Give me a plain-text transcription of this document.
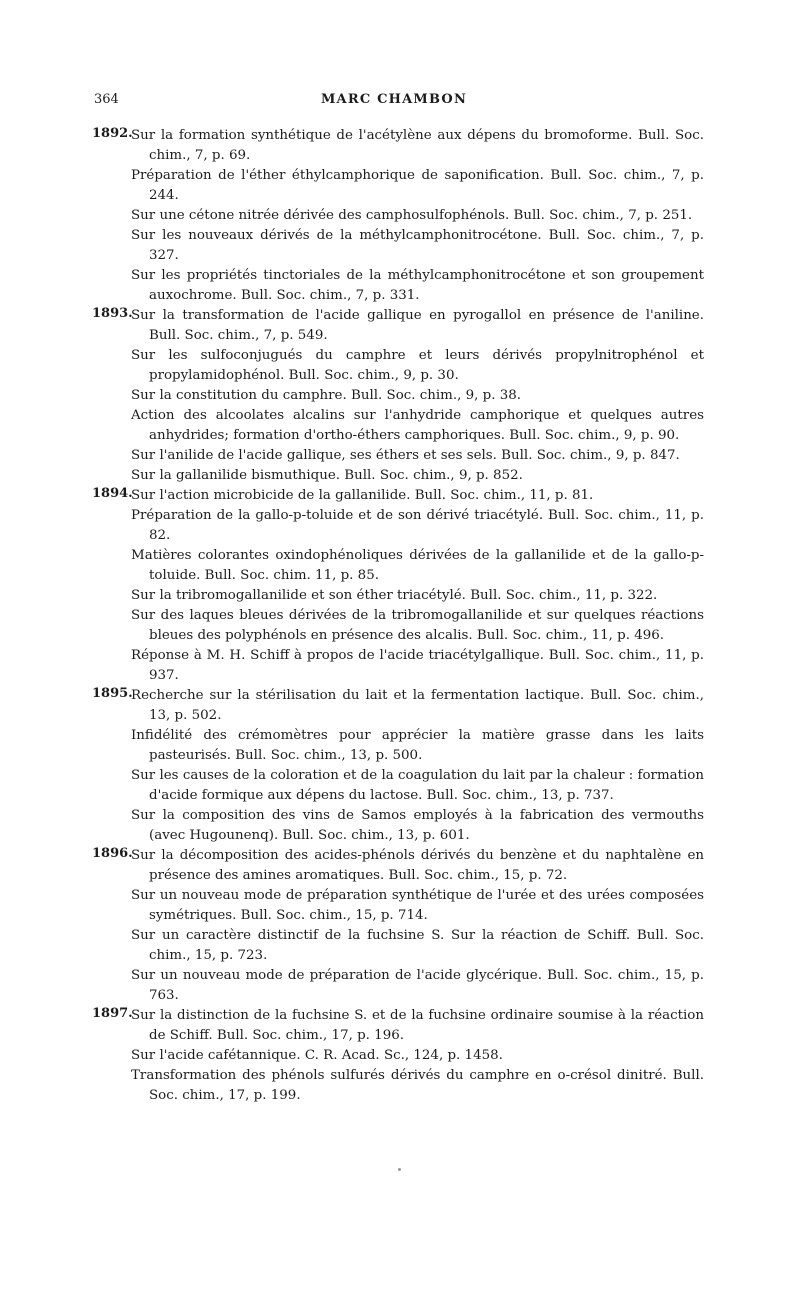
364	MARC CHAMBON
1892.
Sur la formation synthétique de l'acétylène aux dépens du bromoforme. Bull. Soc. chim., 7, p. 69.
Préparation de l'éther éthylcamphorique de saponification. Bull. Soc. chim., 7, p. 244.
Sur une cétone nitrée dérivée des camphosulfophénols. Bull. Soc. chim., 7, p. 251.
Sur les nouveaux dérivés de la méthylcamphonitrocétone. Bull. Soc. chim., 7, p. 327.
Sur les propriétés tinctoriales de la méthylcamphonitrocétone et son groupement auxochrome. Bull. Soc. chim., 7, p. 331.
1893.
Sur la transformation de l'acide gallique en pyrogallol en présence de l'aniline. Bull. Soc. chim., 7, p. 549.
Sur les sulfoconjugués du camphre et leurs dérivés propylnitrophénol et propylamidophénol. Bull. Soc. chim., 9, p. 30.
Sur la constitution du camphre. Bull. Soc. chim., 9, p. 38.
Action des alcoolates alcalins sur l'anhydride camphorique et quelques autres anhydrides; formation d'ortho-éthers camphoriques. Bull. Soc. chim., 9, p. 90.
Sur l'anilide de l'acide gallique, ses éthers et ses sels. Bull. Soc. chim., 9, p. 847.
Sur la gallanilide bismuthique. Bull. Soc. chim., 9, p. 852.
1894.
Sur l'action microbicide de la gallanilide. Bull. Soc. chim., 11, p. 81.
Préparation de la gallo-p-toluide et de son dérivé triacétylé. Bull. Soc. chim., 11, p. 82.
Matières colorantes oxindophénoliques dérivées de la gallanilide et de la gallo-p-toluide. Bull. Soc. chim. 11, p. 85.
Sur la tribromogallanilide et son éther triacétylé. Bull. Soc. chim., 11, p. 322.
Sur des laques bleues dérivées de la tribromogallanilide et sur quelques réactions bleues des polyphénols en présence des alcalis. Bull. Soc. chim., 11, p. 496.
Réponse à M. H. Schiff à propos de l'acide triacétylgallique. Bull. Soc. chim., 11, p. 937.
1895.
Recherche sur la stérilisation du lait et la fermentation lactique. Bull. Soc. chim., 13, p. 502.
Infidélité des crémomètres pour apprécier la matière grasse dans les laits pasteurisés. Bull. Soc. chim., 13, p. 500.
Sur les causes de la coloration et de la coagulation du lait par la chaleur : formation d'acide formique aux dépens du lactose. Bull. Soc. chim., 13, p. 737.
Sur la composition des vins de Samos employés à la fabrication des vermouths (avec Hugounenq). Bull. Soc. chim., 13, p. 601.
1896.
Sur la décomposition des acides-phénols dérivés du benzène et du naphtalène en présence des amines aromatiques. Bull. Soc. chim., 15, p. 72.
Sur un nouveau mode de préparation synthétique de l'urée et des urées composées symétriques. Bull. Soc. chim., 15, p. 714.
Sur un caractère distinctif de la fuchsine S. Sur la réaction de Schiff. Bull. Soc. chim., 15, p. 723.
Sur un nouveau mode de préparation de l'acide glycérique. Bull. Soc. chim., 15, p. 763.
1897.
Sur la distinction de la fuchsine S. et de la fuchsine ordinaire soumise à la réaction de Schiff. Bull. Soc. chim., 17, p. 196.
Sur l'acide cafétannique. C. R. Acad. Sc., 124, p. 1458.
Transformation des phénols sulfurés dérivés du camphre en o-crésol dinitré. Bull. Soc. chim., 17, p. 199.
